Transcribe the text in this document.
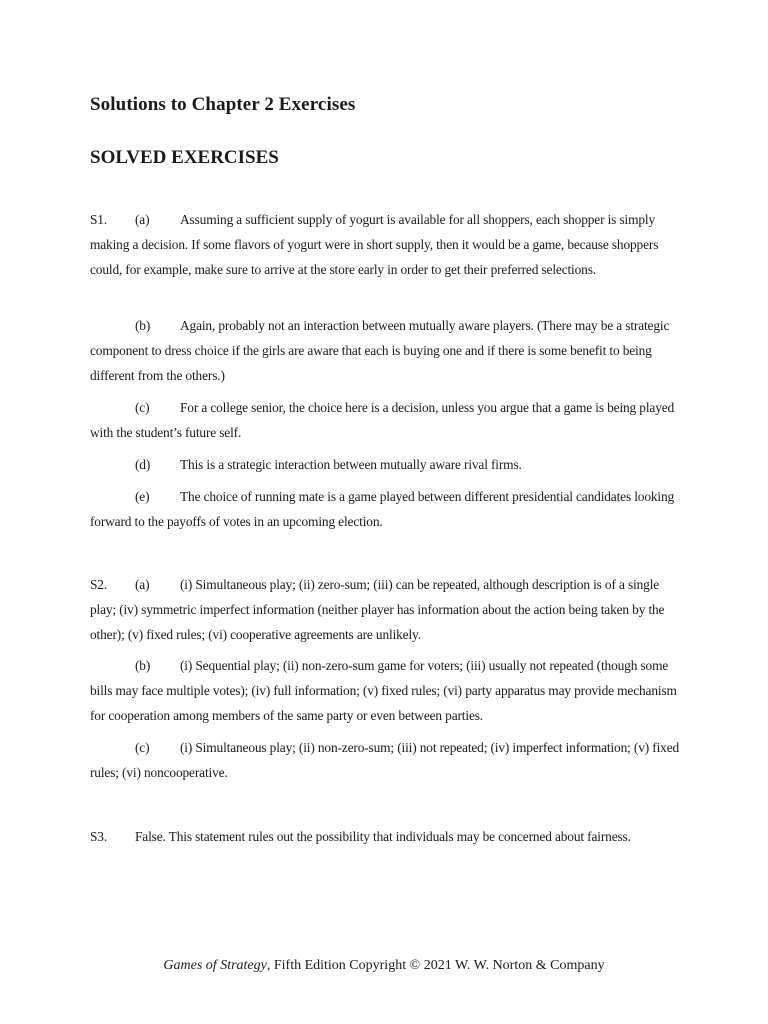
Solutions to Chapter 2 Exercises
SOLVED EXERCISES

S1. (a) Assuming a sufficient supply of yogurt is available for all shoppers, each shopper is simply making a decision. If some flavors of yogurt were in short supply, then it would be a game, because shoppers could, for example, make sure to arrive at the store early in order to get their preferred selections.

(b) Again, probably not an interaction between mutually aware players. (There may be a strategic component to dress choice if the girls are aware that each is buying one and if there is some benefit to being different from the others.)

(c) For a college senior, the choice here is a decision, unless you argue that a game is being played with the student’s future self.

(d) This is a strategic interaction between mutually aware rival firms.

(e) The choice of running mate is a game played between different presidential candidates looking forward to the payoffs of votes in an upcoming election.

S2. (a) (i) Simultaneous play; (ii) zero-sum; (iii) can be repeated, although description is of a single play; (iv) symmetric imperfect information (neither player has information about the action being taken by the other); (v) fixed rules; (vi) cooperative agreements are unlikely.

(b) (i) Sequential play; (ii) non-zero-sum game for voters; (iii) usually not repeated (though some bills may face multiple votes); (iv) full information; (v) fixed rules; (vi) party apparatus may provide mechanism for cooperation among members of the same party or even between parties.

(c) (i) Simultaneous play; (ii) non-zero-sum; (iii) not repeated; (iv) imperfect information; (v) fixed rules; (vi) noncooperative.

S3. False. This statement rules out the possibility that individuals may be concerned about fairness.

Games of Strategy, Fifth Edition Copyright © 2021 W. W. Norton & Company
